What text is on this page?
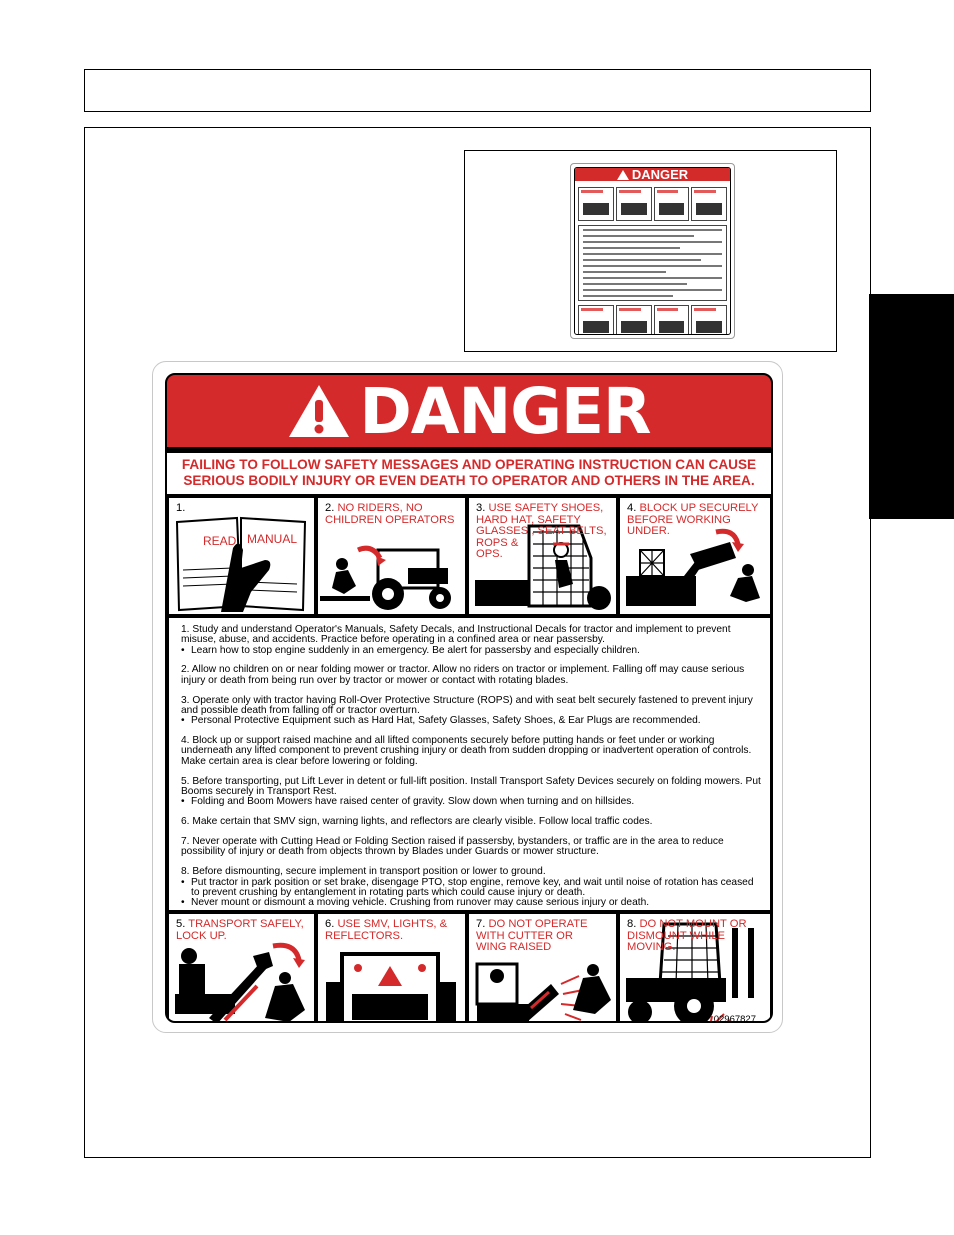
DANGER
DANGER
FAILING TO FOLLOW SAFETY MESSAGES AND OPERATING INSTRUCTION CAN CAUSE
SERIOUS BODILY INJURY OR EVEN DEATH TO OPERATOR AND OTHERS IN THE AREA.
1.
READ MANUAL
2. NO RIDERS, NO
CHILDREN OPERATORS
3. USE SAFETY SHOES,
HARD HAT, SAFETY
GLASSES , SEAT BELTS,
ROPS &
OPS.
4. BLOCK UP SECURELY
BEFORE WORKING
UNDER.
1. Study and understand Operator's Manuals, Safety Decals, and Instructional Decals for tractor and implement to prevent misuse, abuse, and accidents. Practice before operating in a confined area or near passersby.
• Learn how to stop engine suddenly in an emergency. Be alert for passersby and especially children.
2. Allow no children on or near folding mower or tractor. Allow no riders on tractor or implement. Falling off may cause serious injury or death from being run over by tractor or mower or contact with rotating blades.
3. Operate only with tractor having Roll-Over Protective Structure (ROPS) and with seat belt securely fastened to prevent injury and possible death from falling off or tractor overturn.
• Personal Protective Equipment such as Hard Hat, Safety Glasses, Safety Shoes, & Ear Plugs are recommended.
4. Block up or support raised machine and all lifted components securely before putting hands or feet under or working underneath any lifted component to prevent crushing injury or death from sudden dropping or inadvertent operation of controls. Make certain area is clear before lowering or folding.
5. Before transporting, put Lift Lever in detent or full-lift position. Install Transport Safety Devices securely on folding mowers. Put Booms securely in Transport Rest.
• Folding and Boom Mowers have raised center of gravity. Slow down when turning and on hillsides.
6. Make certain that SMV sign, warning lights, and reflectors are clearly visible. Follow local traffic codes.
7. Never operate with Cutting Head or Folding Section raised if passersby, bystanders, or traffic are in the area to reduce possibility of injury or death from objects thrown by Blades under Guards or mower structure.
8. Before dismounting, secure implement in transport position or lower to ground.
• Put tractor in park position or set brake, disengage PTO, stop engine, remove key, and wait until noise of rotation has ceased to prevent crushing by entanglement in rotating parts which could cause injury or death.
• Never mount or dismount a moving vehicle. Crushing from runover may cause serious injury or death.
5. TRANSPORT SAFELY,
LOCK UP.
6. USE SMV, LIGHTS, &
REFLECTORS.
7. DO NOT OPERATE
WITH CUTTER OR
WING RAISED
8. DO NOT MOUNT OR
DISMOUNT WHILE
MOVING.
02967827
